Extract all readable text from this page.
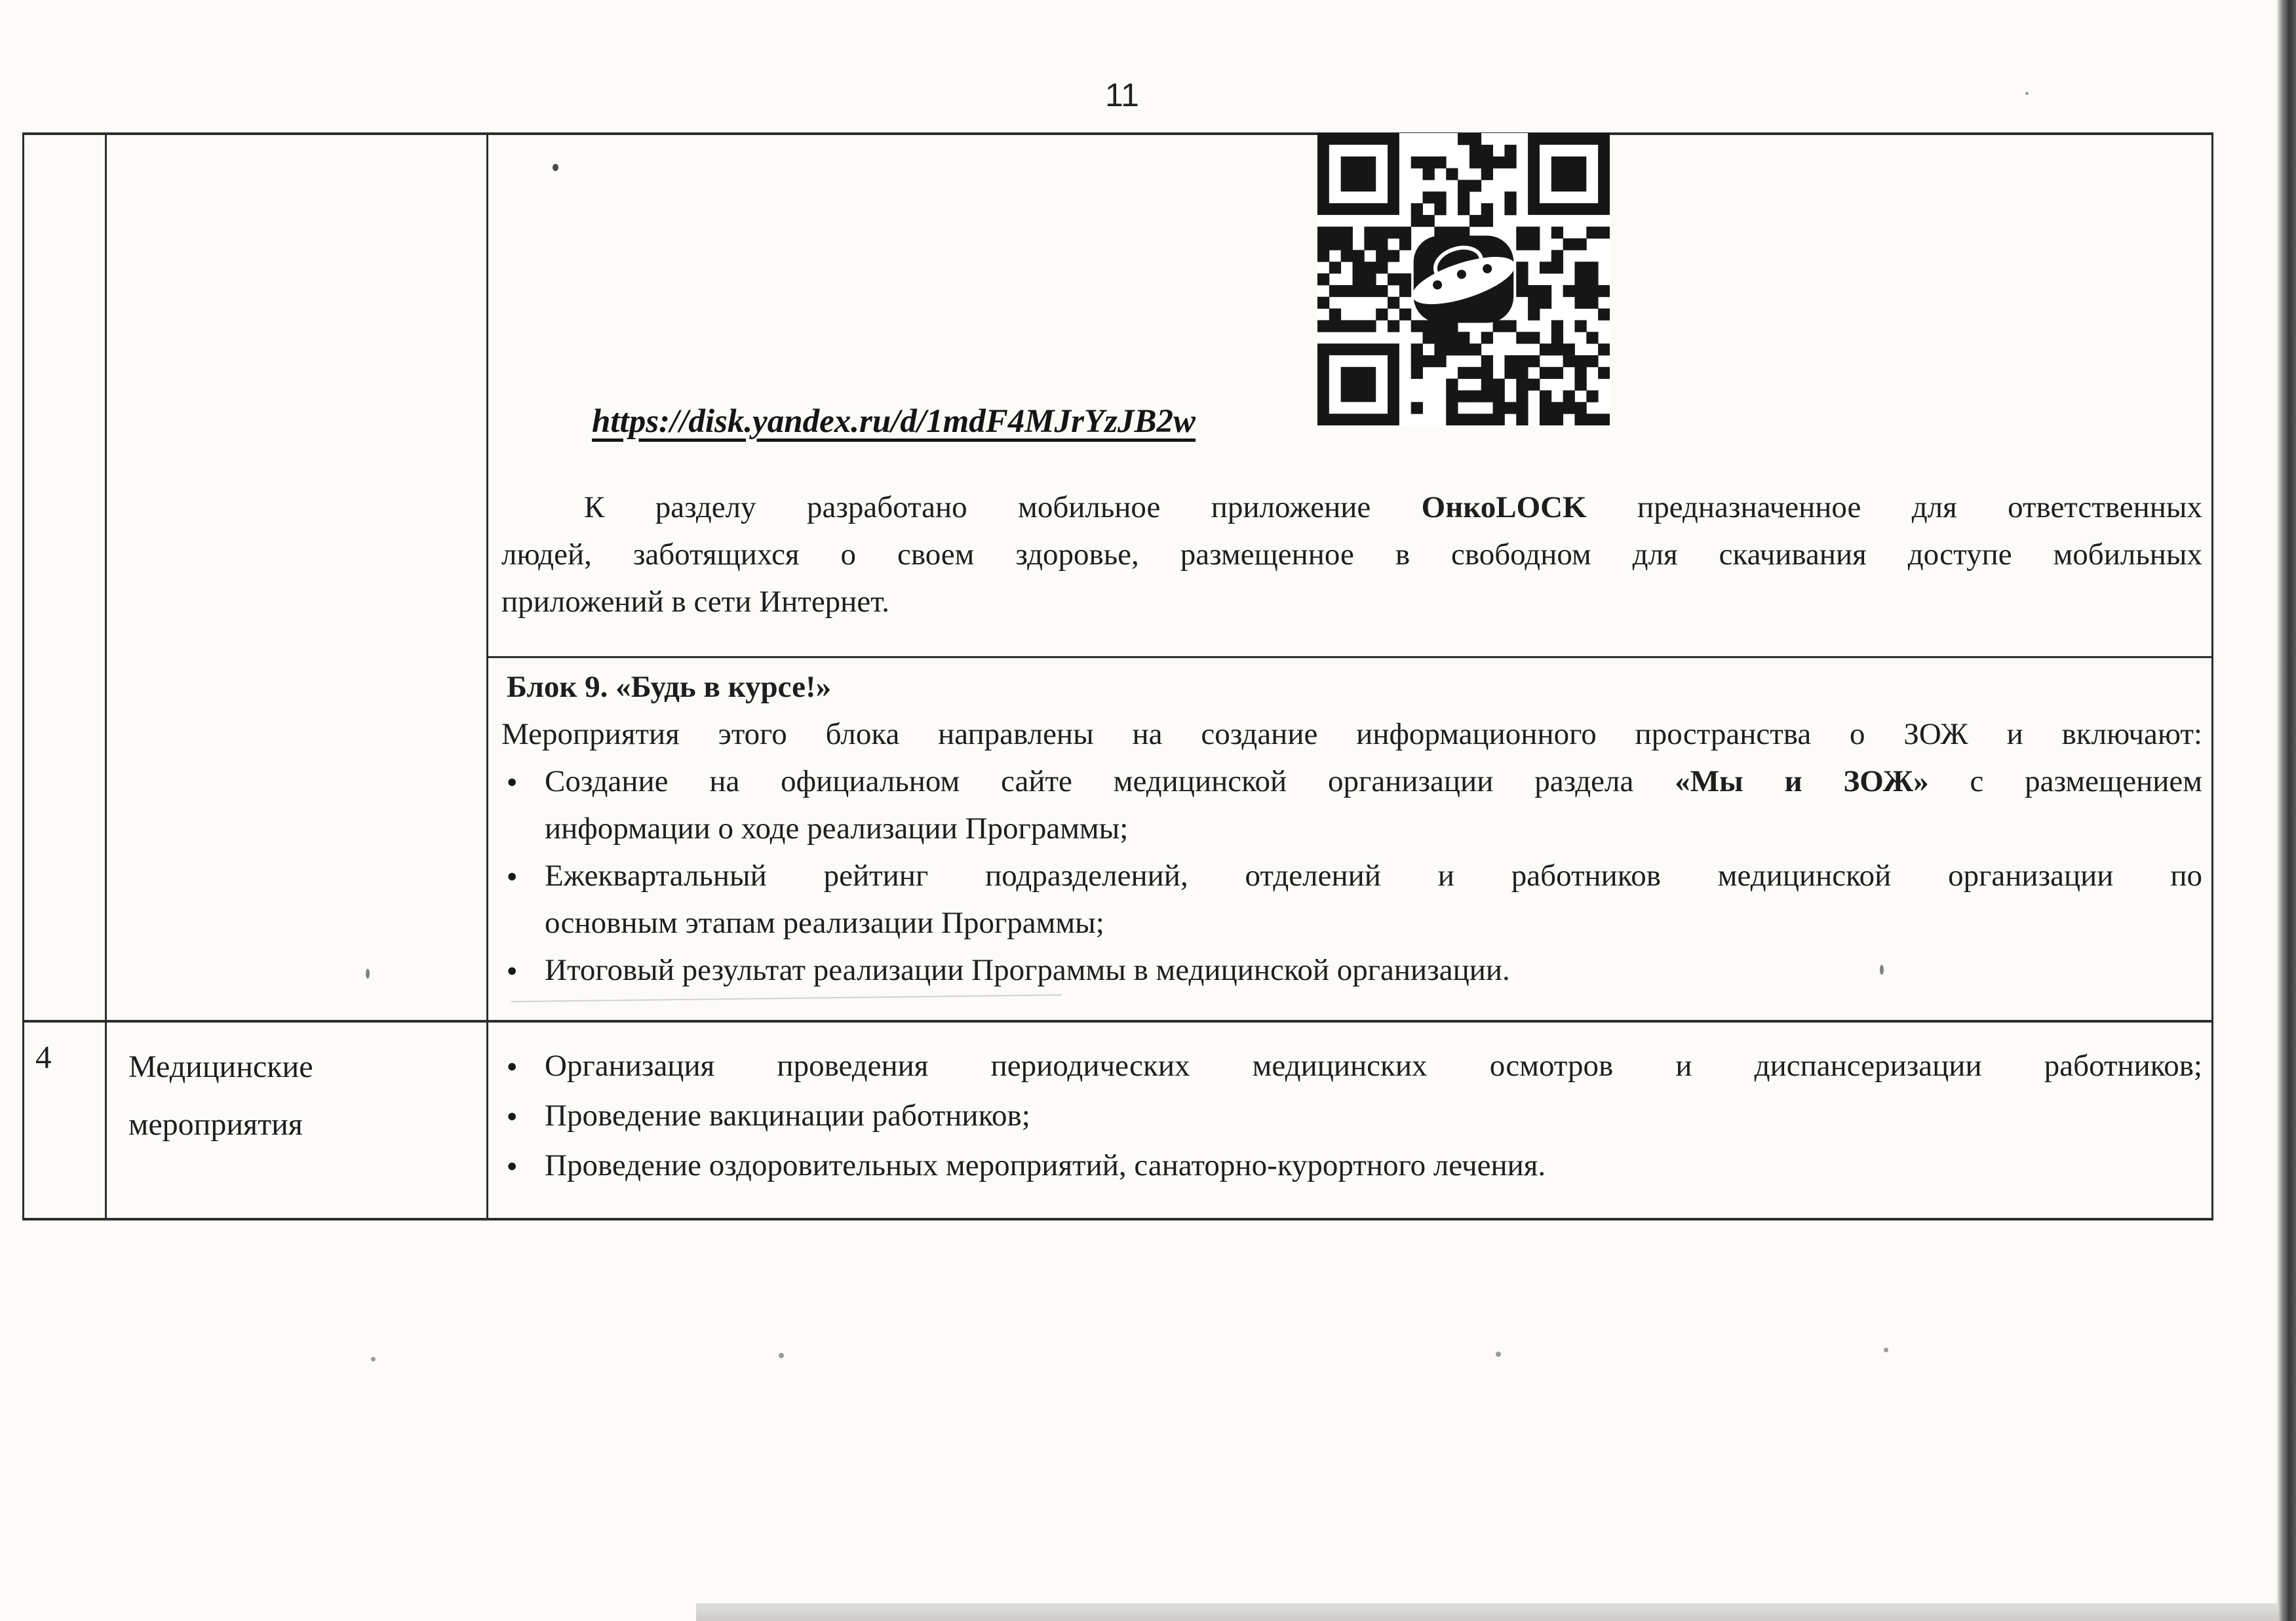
11
https://disk.yandex.ru/d/1mdF4MJrYzJB2w
К разделу разработано мобильное приложение ОнкоLOCK предназначенное для ответственных
людей, заботящихся о своем здоровье, размещенное в свободном для скачивания доступе мобильных
приложений в сети Интернет.
Блок 9. «Будь в курсе!»
Мероприятия этого блока направлены на создание информационного пространства о ЗОЖ и включают:
● Создание на официальном сайте медицинской организации раздела «Мы и ЗОЖ» с размещением
информации о ходе реализации Программы;
● Ежеквартальный рейтинг подразделений, отделений и работников медицинской организации по
основным этапам реализации Программы;
● Итоговый результат реализации Программы в медицинской организации.
4 Медицинские мероприятия
● Организация проведения периодических медицинских осмотров и диспансеризации работников;
● Проведение вакцинации работников;
● Проведение оздоровительных мероприятий, санаторно-курортного лечения.
